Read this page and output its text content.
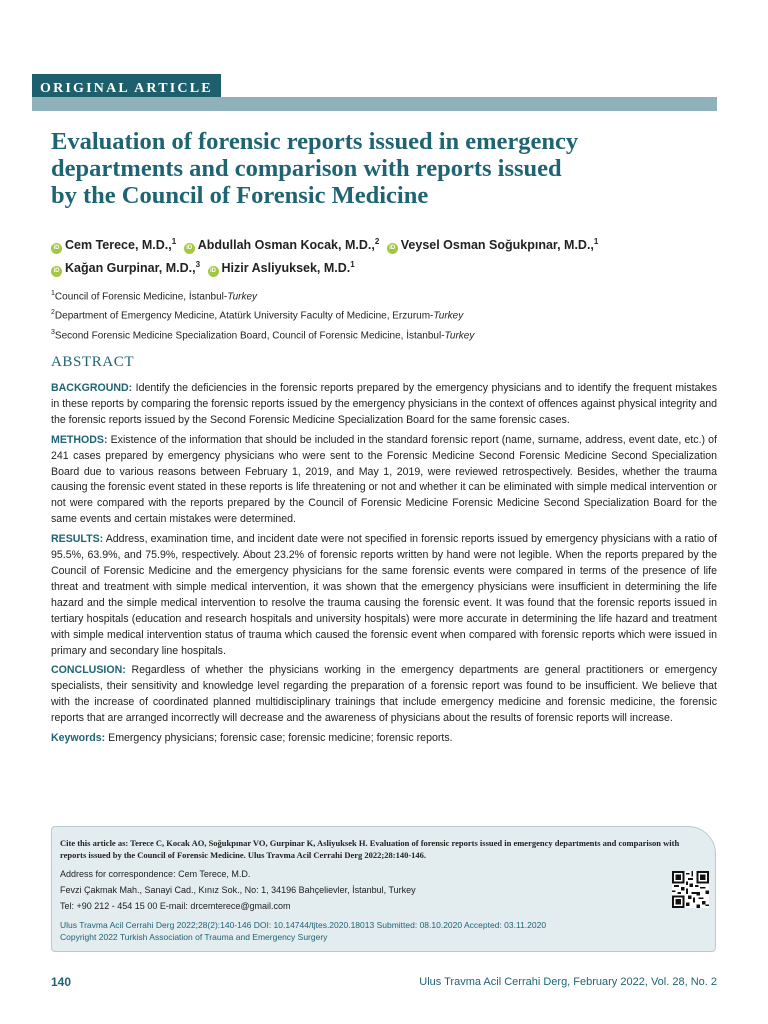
ORIGINAL ARTICLE
Evaluation of forensic reports issued in emergency
departments and comparison with reports issued
by the Council of Forensic Medicine
iD Cem Terece, M.D.,$^1$ iD Abdullah Osman Kocak, M.D.,$^2$ iD Veysel Osman Soğukpınar, M.D.,$^1$
iD Kağan Gurpinar, M.D.,$^3$ iD Hizir Asliyuksek, M.D.$^1$
$^1$Council of Forensic Medicine, İstanbul-Turkey
$^2$Department of Emergency Medicine, Atatürk University Faculty of Medicine, Erzurum-Turkey
$^3$Second Forensic Medicine Specialization Board, Council of Forensic Medicine, İstanbul-Turkey
ABSTRACT

BACKGROUND: Identify the deficiencies in the forensic reports prepared by the emergency physicians and to identify the frequent mistakes in these reports by comparing the forensic reports issued by the emergency physicians in the context of offences against physical integrity and the forensic reports issued by the Second Forensic Medicine Specialization Board for the same forensic cases.

METHODS: Existence of the information that should be included in the standard forensic report (name, surname, address, event date, etc.) of 241 cases prepared by emergency physicians who were sent to the Forensic Medicine Second Forensic Medicine Second Specialization Board due to various reasons between February 1, 2019, and May 1, 2019, were reviewed retrospectively. Besides, whether the trauma causing the forensic event stated in these reports is life threatening or not and whether it can be eliminated with simple medical intervention or not were compared with the reports prepared by the Council of Forensic Medicine Forensic Medicine Second Specialization Board for the same events and certain mistakes were determined.

RESULTS: Address, examination time, and incident date were not specified in forensic reports issued by emergency physicians with a ratio of 95.5%, 63.9%, and 75.9%, respectively. About 23.2% of forensic reports written by hand were not legible. When the reports prepared by the Council of Forensic Medicine and the emergency physicians for the same forensic events were compared in terms of the presence of life threat and treatment with simple medical intervention, it was shown that the emergency physicians were insufficient in determining the life hazard and the simple medical intervention to resolve the trauma causing the forensic event. It was found that the forensic reports issued in tertiary hospitals (education and research hospitals and university hospitals) were more accurate in determining the life hazard and treatment with simple medical intervention status of trauma which caused the forensic event when compared with forensic reports which were issued in primary and secondary line hospitals.

CONCLUSION: Regardless of whether the physicians working in the emergency departments are general practitioners or emergency specialists, their sensitivity and knowledge level regarding the preparation of a forensic report was found to be insufficient. We believe that with the increase of coordinated planned multidisciplinary trainings that include emergency medicine and forensic medicine, the forensic reports that are arranged incorrectly will decrease and the awareness of physicians about the results of forensic reports will increase.

Keywords: Emergency physicians; forensic case; forensic medicine; forensic reports.

Cite this article as: Terece C, Kocak AO, Soğukpınar VO, Gurpinar K, Asliyuksek H. Evaluation of forensic reports issued in emergency departments and comparison with reports issued by the Council of Forensic Medicine. Ulus Travma Acil Cerrahi Derg 2022;28:140-146.

Address for correspondence: Cem Terece, M.D.
Fevzi Çakmak Mah., Sanayi Cad., Kınız Sok., No: 1, 34196 Bahçelievler, İstanbul, Turkey
Tel: +90 212 - 454 15 00 E-mail: drcemterece@gmail.com
Ulus Travma Acil Cerrahi Derg 2022;28(2):140-146 DOI: 10.14744/tjtes.2020.18013 Submitted: 08.10.2020 Accepted: 03.11.2020
Copyright 2022 Turkish Association of Trauma and Emergency Surgery
140	Ulus Travma Acil Cerrahi Derg, February 2022, Vol. 28, No. 2
